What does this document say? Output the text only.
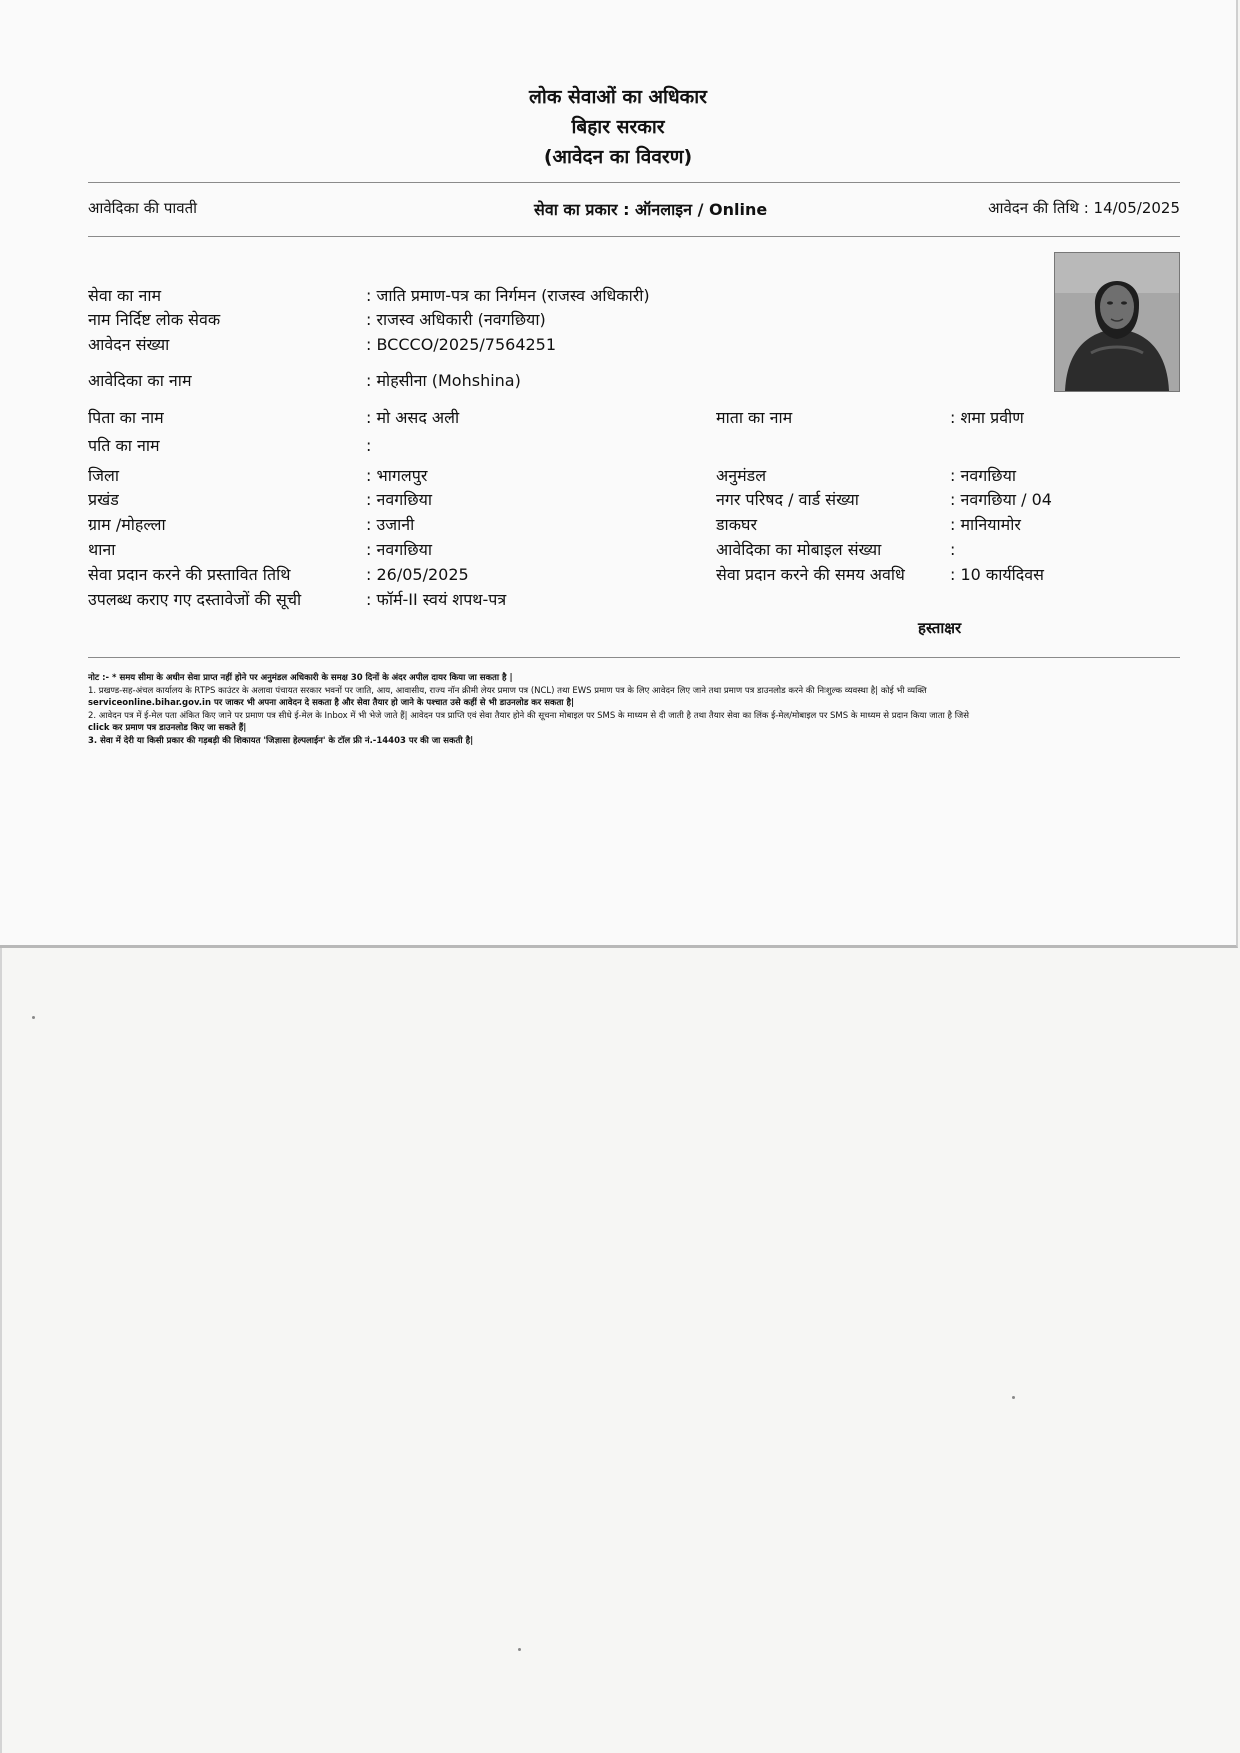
लोक सेवाओं का अधिकार
बिहार सरकार
(आवेदन का विवरण)
आवेदिका की पावती	सेवा का प्रकार : ऑनलाइन / Online	आवेदन की तिथि : 14/05/2025
सेवा का नाम	: जाति प्रमाण-पत्र का निर्गमन (राजस्व अधिकारी)
नाम निर्दिष्ट लोक सेवक	: राजस्व अधिकारी (नवगछिया)
आवेदन संख्या	: BCCCO/2025/7564251
आवेदिका का नाम	: मोहसीना (Mohshina)
पिता का नाम	: मो असद अली	माता का नाम	: शमा प्रवीण
पति का नाम	:
जिला	: भागलपुर	अनुमंडल	: नवगछिया
प्रखंड	: नवगछिया	नगर परिषद / वार्ड संख्या	: नवगछिया / 04
ग्राम /मोहल्ला	: उजानी	डाकघर	: मानियामोर
थाना	: नवगछिया	आवेदिका का मोबाइल संख्या	:
सेवा प्रदान करने की प्रस्तावित तिथि	: 26/05/2025	सेवा प्रदान करने की समय अवधि	: 10 कार्यदिवस
उपलब्ध कराए गए दस्तावेजों की सूची	: फॉर्म-II स्वयं शपथ-पत्र
हस्ताक्षर
नोट :- * समय सीमा के अधीन सेवा प्राप्त नहीं होने पर अनुमंडल अधिकारी के समक्ष 30 दिनों के अंदर अपील दायर किया जा सकता है |
1. प्रखण्ड-सह-अंचल कार्यालय के RTPS काउंटर के अलावा पंचायत सरकार भवनों पर जाति, आय, आवासीय, राज्य नॉन क्रीमी लेयर प्रमाण पत्र (NCL) तथा EWS प्रमाण पत्र के लिए आवेदन लिए जाने तथा प्रमाण पत्र डाउनलोड करने की निःशुल्क व्यवस्था है| कोई भी व्यक्ति
serviceonline.bihar.gov.in पर जाकर भी अपना आवेदन दे सकता है और सेवा तैयार हो जाने के पश्चात उसे कहीं से भी डाउनलोड कर सकता है|
2. आवेदन पत्र में ई-मेल पता अंकित किए जाने पर प्रमाण पत्र सीधे ई-मेल के Inbox में भी भेजे जाते हैं| आवेदन पत्र प्राप्ति एवं सेवा तैयार होने की सूचना मोबाइल पर SMS के माध्यम से दी जाती है तथा तैयार सेवा का लिंक ई-मेल/मोबाइल पर SMS के माध्यम से प्रदान किया जाता है जिसे
click कर प्रमाण पत्र डाउनलोड किए जा सकते हैं|
3. सेवा में देरी या किसी प्रकार की गड़बड़ी की शिकायत 'जिज्ञासा हेल्पलाईन' के टॉल फ्री नं.-14403 पर की जा सकती है|
